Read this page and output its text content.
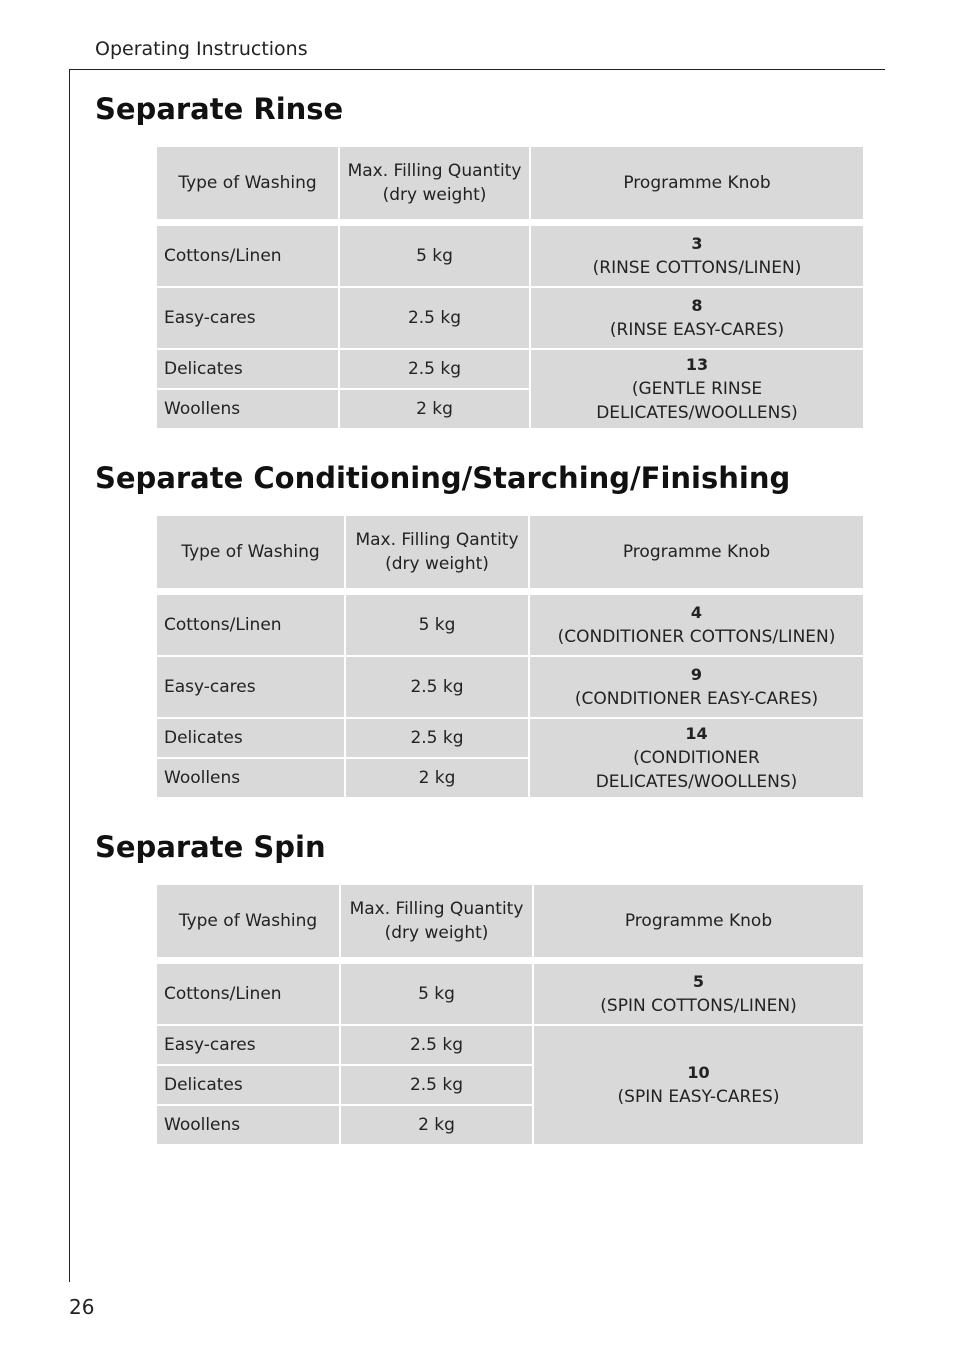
Operating Instructions
Separate Rinse
Type of Washing	Max. Filling Quantity (dry weight)	Programme Knob

Cottons/Linen	5 kg	3
(RINSE COTTONS/LINEN)

Easy-cares	2.5 kg	8
(RINSE EASY-CARES)

Delicates	2.5 kg	13
(GENTLE RINSE DELICATES/WOOLLENS)

Woollens	2 kg	
Separate Conditioning/Starching/Finishing
Type of Washing	Max. Filling Qantity (dry weight)	Programme Knob

Cottons/Linen	5 kg	4
(CONDITIONER COTTONS/LINEN)

Easy-cares	2.5 kg	9
(CONDITIONER EASY-CARES)

Delicates	2.5 kg	14
(CONDITIONER DELICATES/WOOLLENS)

Woollens	2 kg	
Separate Spin
Type of Washing	Max. Filling Quantity (dry weight)	Programme Knob

Cottons/Linen	5 kg	5
(SPIN COTTONS/LINEN)

Easy-cares	2.5 kg	10
(SPIN EASY-CARES)

Delicates	2.5 kg	
Woollens	2 kg	
26
